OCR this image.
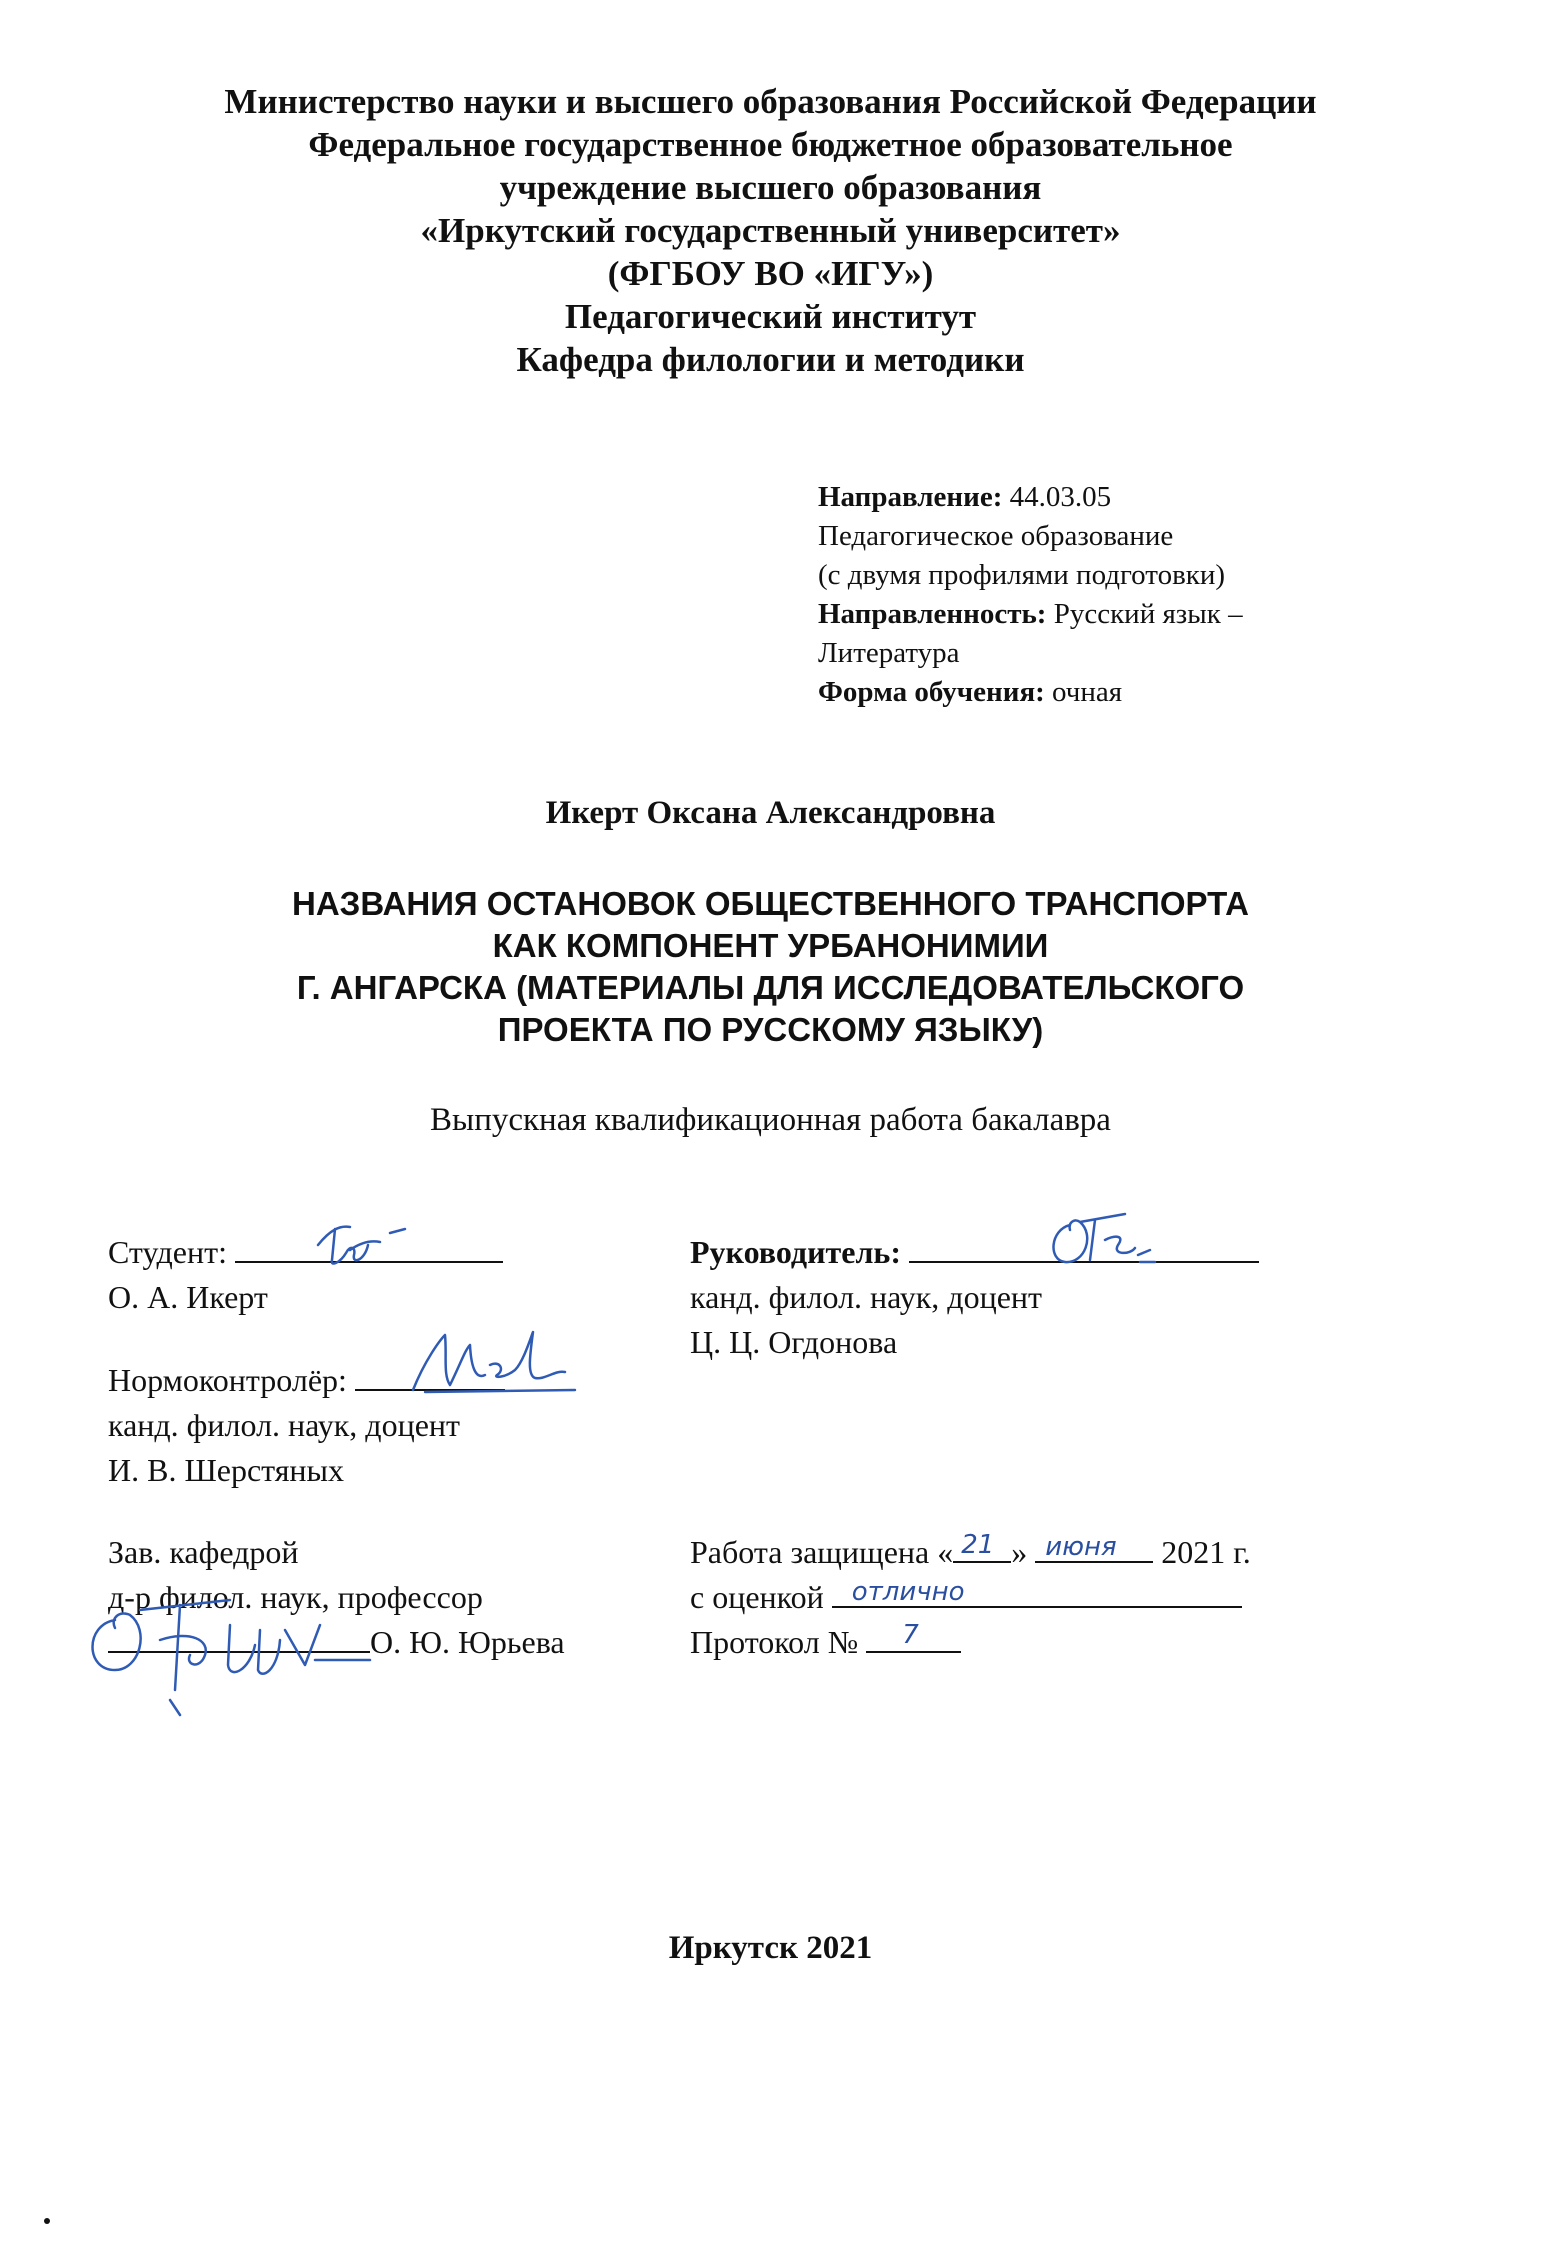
Министерство науки и высшего образования Российской Федерации
Федеральное государственное бюджетное образовательное
учреждение высшего образования
«Иркутский государственный университет»
(ФГБОУ ВО «ИГУ»)
Педагогический институт
Кафедра филологии и методики
Направление: 44.03.05
Педагогическое образование
(с двумя профилями подготовки)
Направленность: Русский язык –
Литература
Форма обучения: очная
Икерт Оксана Александровна
НАЗВАНИЯ ОСТАНОВОК ОБЩЕСТВЕННОГО ТРАНСПОРТА
КАК КОМПОНЕНТ УРБАНОНИМИИ
Г. АНГАРСКА (МАТЕРИАЛЫ ДЛЯ ИССЛЕДОВАТЕЛЬСКОГО
ПРОЕКТА ПО РУССКОМУ ЯЗЫКУ)
Выпускная квалификационная работа бакалавра
Студент:
О. А. Икерт
Руководитель:
канд. филол. наук, доцент
Ц. Ц. Огдонова
Нормоконтролёр:
канд. филол. наук, доцент
И. В. Шерстяных
Зав. кафедрой
д-р филол. наук, профессор
О. Ю. Юрьева
Работа защищена « 21 » июня 2021 г.
с оценкой отлично
Протокол № 7
Иркутск 2021
